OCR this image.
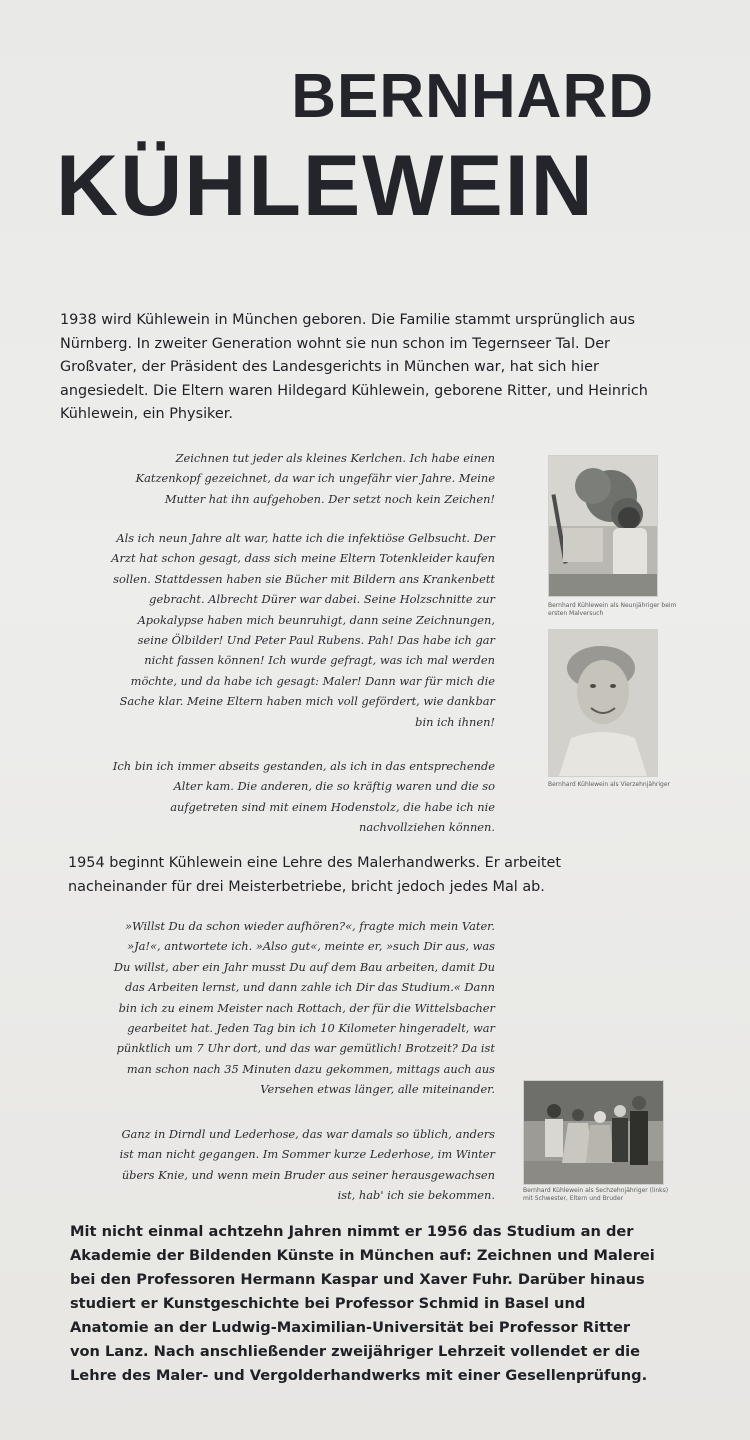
BERNHARD
KÜHLEWEIN

1938 wird Kühlewein in München geboren. Die Familie stammt ursprünglich aus Nürnberg. In zweiter Generation wohnt sie nun schon im Tegernseer Tal. Der Großvater, der Präsident des Landesgerichts in München war, hat sich hier angesiedelt. Die Eltern waren Hildegard Kühlewein, geborene Ritter, und Heinrich Kühlewein, ein Physiker.

Zeichnen tut jeder als kleines Kerlchen. Ich habe einen Katzenkopf gezeichnet, da war ich ungefähr vier Jahre. Meine Mutter hat ihn aufgehoben. Der setzt noch kein Zeichen!

Als ich neun Jahre alt war, hatte ich die infektiöse Gelbsucht. Der Arzt hat schon gesagt, dass sich meine Eltern Totenkleider kaufen sollen. Stattdessen haben sie Bücher mit Bildern ans Krankenbett gebracht. Albrecht Dürer war dabei. Seine Holzschnitte zur Apokalypse haben mich beunruhigt, dann seine Zeichnungen, seine Ölbilder! Und Peter Paul Rubens. Pah! Das habe ich gar nicht fassen können! Ich wurde gefragt, was ich mal werden möchte, und da habe ich gesagt: Maler! Dann war für mich die Sache klar. Meine Eltern haben mich voll gefördert, wie dankbar bin ich ihnen!

Ich bin ich immer abseits gestanden, als ich in das entsprechende Alter kam. Die anderen, die so kräftig waren und die so aufgetreten sind mit einem Hodenstolz, die habe ich nie nachvollziehen können.

Bernhard Kühlewein als Neunjähriger beim ersten Malversuch

Bernhard Kühlewein als Vierzehnjähriger

1954 beginnt Kühlewein eine Lehre des Malerhandwerks. Er arbeitet nacheinander für drei Meisterbetriebe, bricht jedoch jedes Mal ab.

»Willst Du da schon wieder aufhören?«, fragte mich mein Vater. »Ja!«, antwortete ich. »Also gut«, meinte er, »such Dir aus, was Du willst, aber ein Jahr musst Du auf dem Bau arbeiten, damit Du das Arbeiten lernst, und dann zahle ich Dir das Studium.« Dann bin ich zu einem Meister nach Rottach, der für die Wittelsbacher gearbeitet hat. Jeden Tag bin ich 10 Kilometer hingeradelt, war pünktlich um 7 Uhr dort, und das war gemütlich! Brotzeit? Da ist man schon nach 35 Minuten dazu gekommen, mittags auch aus Versehen etwas länger, alle miteinander.

Ganz in Dirndl und Lederhose, das war damals so üblich, anders ist man nicht gegangen. Im Sommer kurze Lederhose, im Winter übers Knie, und wenn mein Bruder aus seiner herausgewachsen ist, hab' ich sie bekommen.	Bernhard Kühlewein als Sechzehnjähriger (links) mit Schwester, Eltern und Bruder

Mit nicht einmal achtzehn Jahren nimmt er 1956 das Studium an der Akademie der Bildenden Künste in München auf: Zeichnen und Malerei bei den Professoren Hermann Kaspar und Xaver Fuhr. Darüber hinaus studiert er Kunstgeschichte bei Professor Schmid in Basel und Anatomie an der Ludwig-Maximilian-Universität bei Professor Ritter von Lanz. Nach anschließender zweijähriger Lehrzeit vollendet er die Lehre des Maler- und Vergolderhandwerks mit einer Gesellenprüfung.
